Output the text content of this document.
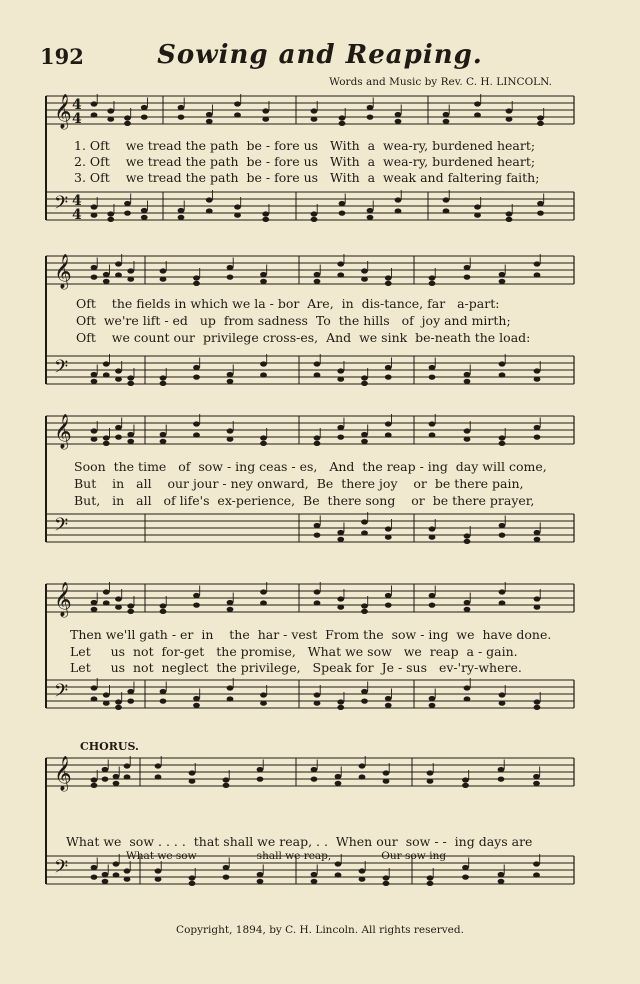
192	Sowing and Reaping.
Words and Music by Rev. C. H. LINCOLN.
𝄞
𝄢
𝄞
𝄢
𝄞
𝄢
𝄞
𝄢
𝄞
𝄢
4
4
4
4
1. Oft    we tread the path  be - fore us   With  a  wea-ry, burdened heart;
2. Oft    we tread the path  be - fore us   With  a  wea-ry, burdened heart;
3. Oft    we tread the path  be - fore us   With  a  weak and faltering faith;
Oft    the fields in which we la - bor  Are,  in  dis-tance, far   a-part:
Oft  we're lift - ed   up  from sadness  To  the hills   of  joy and mirth;
Oft    we count our  privilege cross-es,  And  we sink  be-neath the load:
Soon  the time   of  sow - ing ceas - es,   And  the reap - ing  day will come,
But    in   all    our jour - ney onward,  Be  there joy    or  be there pain,
But,   in   all   of life's  ex-perience,  Be  there song    or  be there prayer,
Then we'll gath - er  in    the  har - vest  From the  sow - ing  we  have done.
Let     us  not  for-get   the promise,   What we sow   we  reap  a - gain.
Let     us  not  neglect  the privilege,   Speak for  Je - sus   ev-'ry-where.
CHORUS.
What we  sow . . . .  that shall we reap, . .  When our  sow - -  ing days are
What we sow                  shall we reap,               Our sow-ing
Copyright, 1894, by C. H. Lincoln. All rights reserved.
